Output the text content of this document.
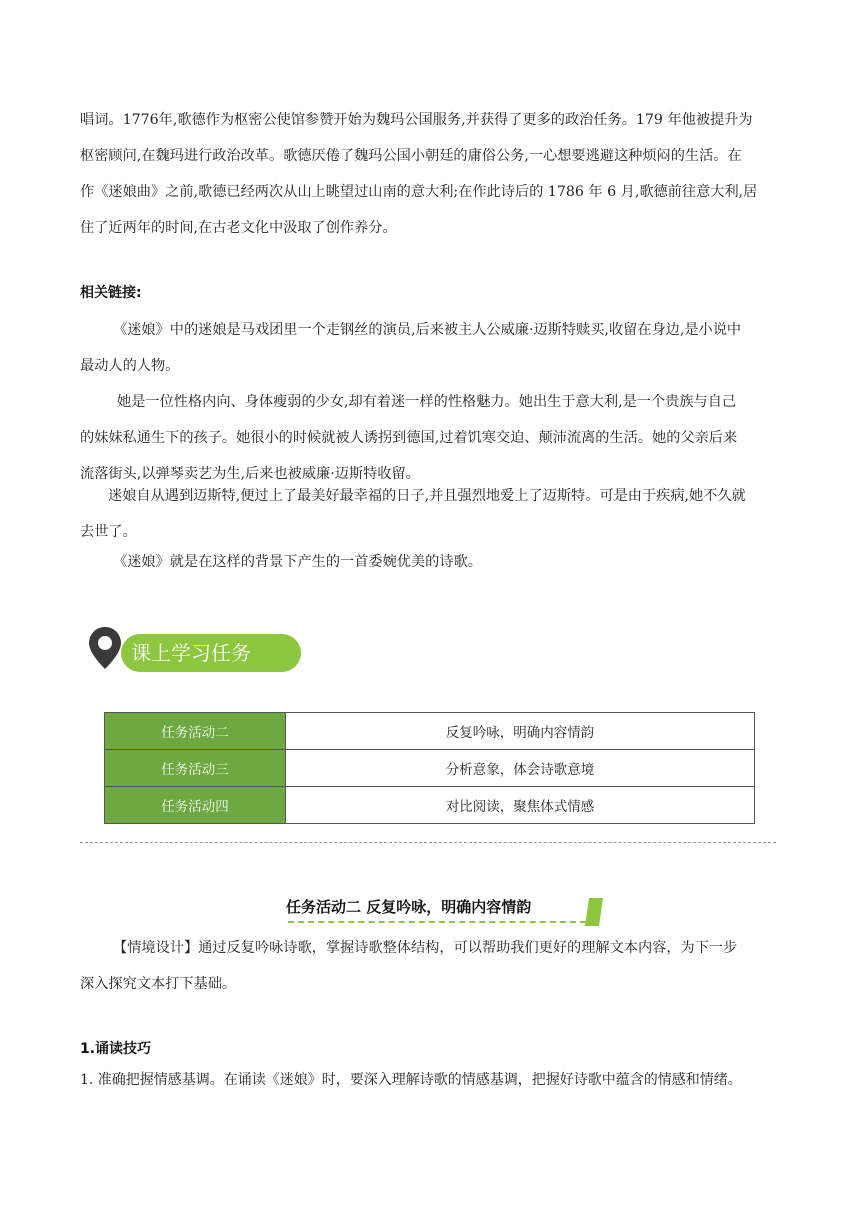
唱词。1776年,歌德作为枢密公使馆参赞开始为魏玛公国服务,并获得了更多的政治任务。179 年他被提升为
枢密顾问,在魏玛进行政治改革。歌德厌倦了魏玛公国小朝廷的庸俗公务,一心想要逃避这种烦闷的生活。在
作《迷娘曲》之前,歌德已经两次从山上眺望过山南的意大利;在作此诗后的 1786 年 6 月,歌德前往意大利,居
住了近两年的时间,在古老文化中汲取了创作养分。
相关链接:
《迷娘》中的迷娘是马戏团里一个走钢丝的演员,后来被主人公威廉·迈斯特赎买,收留在身边,是小说中
最动人的人物。
她是一位性格内向、身体瘦弱的少女,却有着迷一样的性格魅力。她出生于意大利,是一个贵族与自己
的妹妹私通生下的孩子。她很小的时候就被人诱拐到德国,过着饥寒交迫、颠沛流离的生活。她的父亲后来
流落街头,以弹琴卖艺为生,后来也被威廉·迈斯特收留。
迷娘自从遇到迈斯特,便过上了最美好最幸福的日子,并且强烈地爱上了迈斯特。可是由于疾病,她不久就
去世了。
《迷娘》就是在这样的背景下产生的一首委婉优美的诗歌。
课上学习任务
任务活动二	反复吟咏，明确内容情韵
任务活动三	分析意象，体会诗歌意境
任务活动四	对比阅读，聚焦体式情感
任务活动二 反复吟咏，明确内容情韵
【情境设计】通过反复吟咏诗歌，掌握诗歌整体结构，可以帮助我们更好的理解文本内容，为下一步
深入探究文本打下基础。
1.诵读技巧
1. 准确把握情感基调。在诵读《迷娘》时，要深入理解诗歌的情感基调，把握好诗歌中蕴含的情感和情绪。
